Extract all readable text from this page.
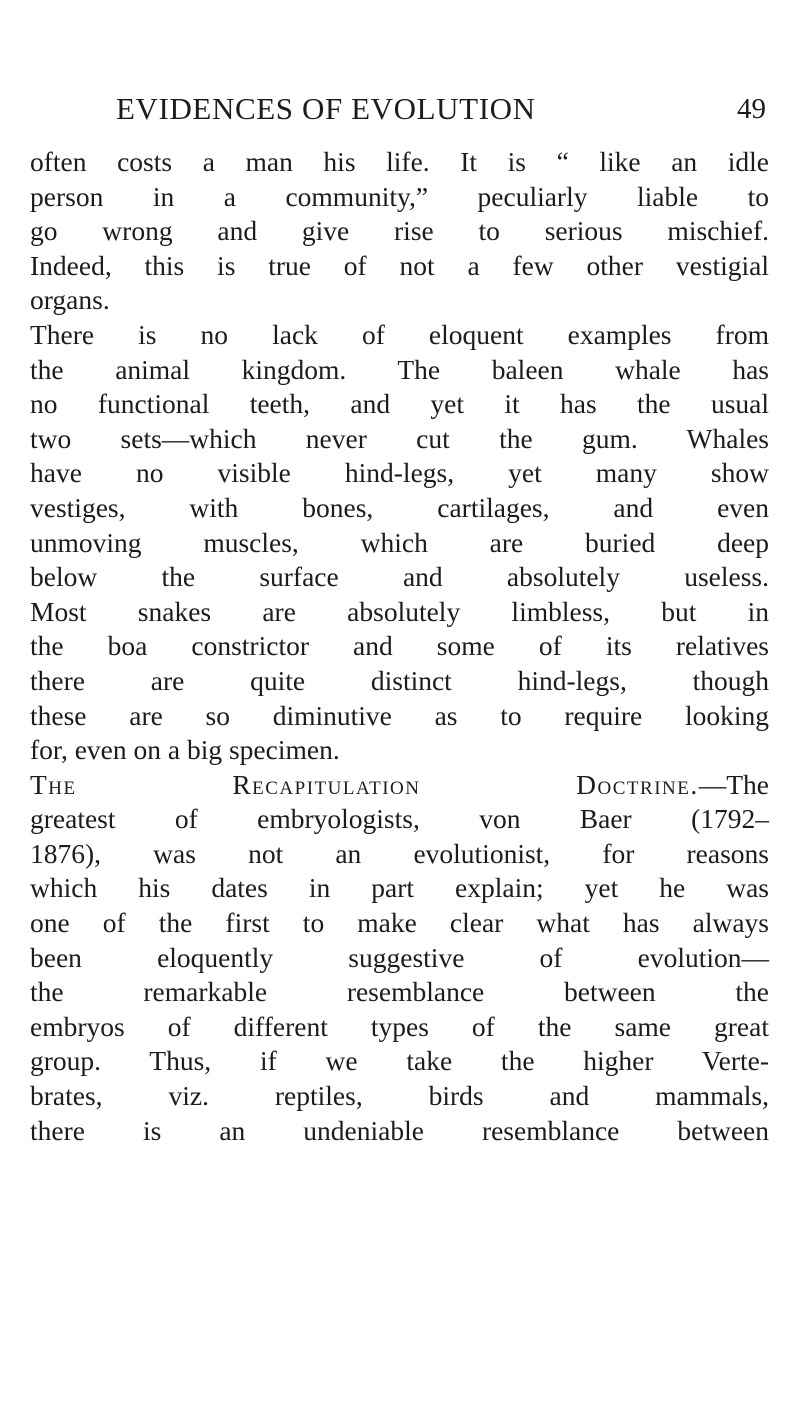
EVIDENCES OF EVOLUTION	49
often costs a man his life. It is “ like an idle
person in a community,” peculiarly liable to
go wrong and give rise to serious mischief.
Indeed, this is true of not a few other vestigial
organs.
There is no lack of eloquent examples from
the animal kingdom. The baleen whale has
no functional teeth, and yet it has the usual
two sets—which never cut the gum. Whales
have no visible hind-legs, yet many show
vestiges, with bones, cartilages, and even
unmoving muscles, which are buried deep
below the surface and absolutely useless.
Most snakes are absolutely limbless, but in
the boa constrictor and some of its relatives
there are quite distinct hind-legs, though
these are so diminutive as to require looking
for, even on a big specimen.
The Recapitulation Doctrine.—The
greatest of embryologists, von Baer (1792–
1876), was not an evolutionist, for reasons
which his dates in part explain; yet he was
one of the first to make clear what has always
been eloquently suggestive of evolution—
the remarkable resemblance between the
embryos of different types of the same great
group. Thus, if we take the higher Verte-
brates, viz. reptiles, birds and mammals,
there is an undeniable resemblance between
